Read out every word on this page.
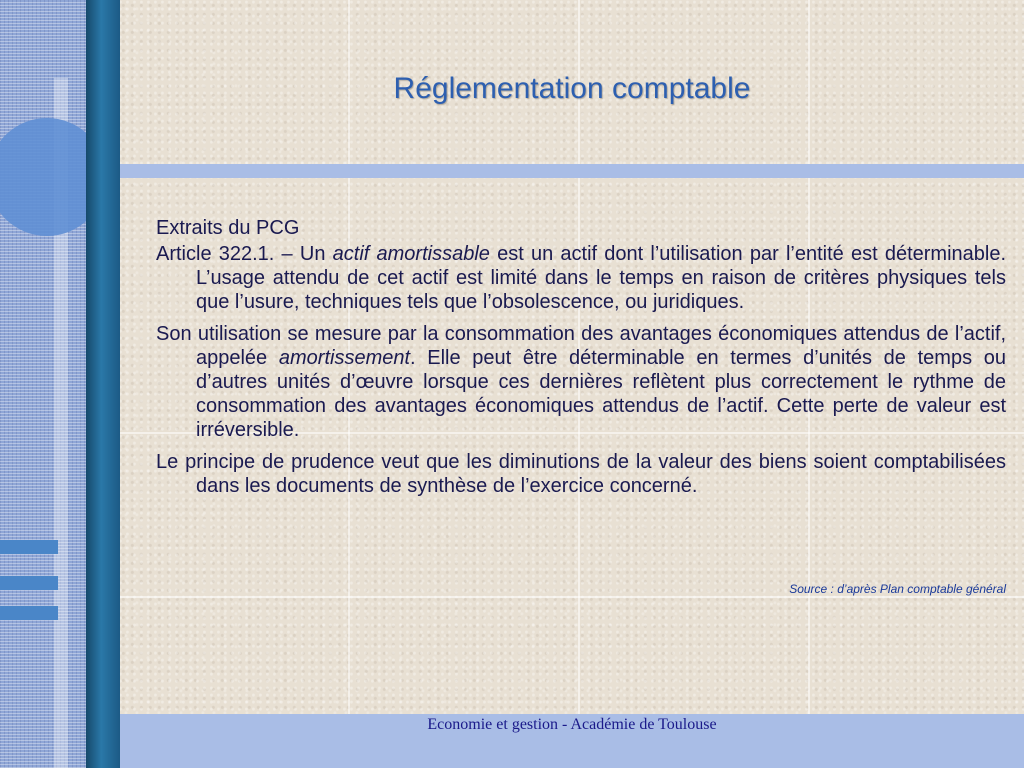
Réglementation comptable

Extraits du PCG

Article 322.1. – Un actif amortissable est un actif dont l’utilisation par l’entité est déterminable. L’usage attendu de cet actif est limité dans le temps en raison de critères physiques tels que l’usure, techniques tels que l’obsolescence, ou juridiques.

Son utilisation se mesure par la consommation des avantages économiques attendus de l’actif, appelée amortissement. Elle peut être déterminable en termes d’unités de temps ou d’autres unités d’œuvre lorsque ces dernières reflètent plus correctement le rythme de consommation des avantages économiques attendus de l’actif. Cette perte de valeur est irréversible.

Le principe de prudence veut que les diminutions de la valeur des biens soient comptabilisées dans les documents de synthèse de l’exercice concerné.

Source : d’après Plan comptable général
Economie et gestion - Académie de Toulouse
